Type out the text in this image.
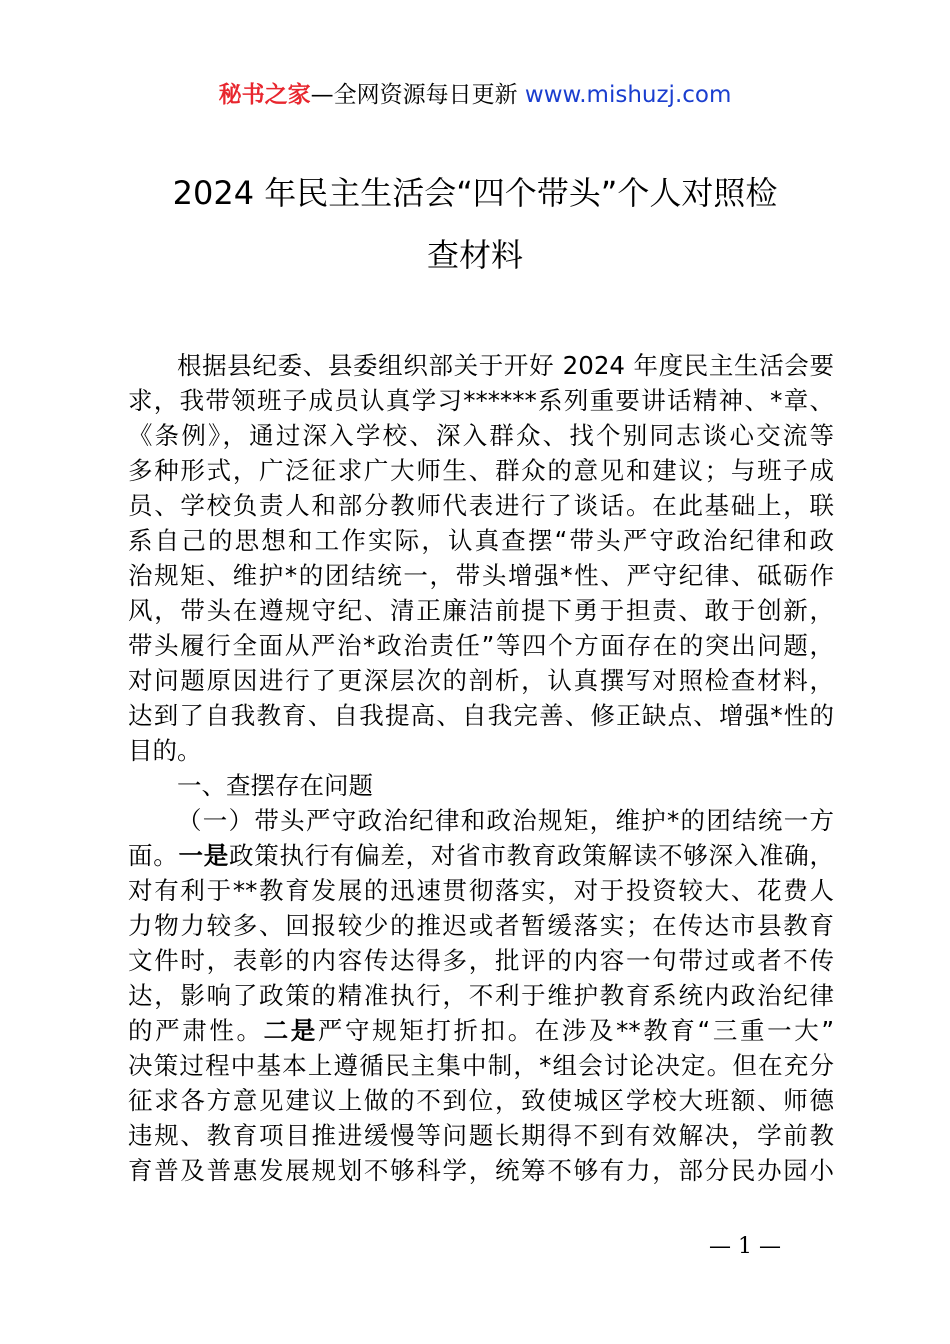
秘书之家—全网资源每日更新 www.mishuzj.com
2024 年民主生活会“四个带头”个人对照检
查材料
根据县纪委、县委组织部关于开好 2024 年度民主生活会要
求，我带领班子成员认真学习******系列重要讲话精神、*章、
《条例》，通过深入学校、深入群众、找个别同志谈心交流等
多种形式，广泛征求广大师生、群众的意见和建议；与班子成
员、学校负责人和部分教师代表进行了谈话。在此基础上，联
系自己的思想和工作实际，认真查摆“带头严守政治纪律和政
治规矩、维护*的团结统一，带头增强*性、严守纪律、砥砺作
风，带头在遵规守纪、清正廉洁前提下勇于担责、敢于创新，
带头履行全面从严治*政治责任”等四个方面存在的突出问题，
对问题原因进行了更深层次的剖析，认真撰写对照检查材料，
达到了自我教育、自我提高、自我完善、修正缺点、增强*性的
目的。
一、查摆存在问题
（一）带头严守政治纪律和政治规矩，维护*的团结统一方
面。一是政策执行有偏差，对省市教育政策解读不够深入准确，
对有利于**教育发展的迅速贯彻落实，对于投资较大、花费人
力物力较多、回报较少的推迟或者暂缓落实；在传达市县教育
文件时，表彰的内容传达得多，批评的内容一句带过或者不传
达，影响了政策的精准执行，不利于维护教育系统内政治纪律
的严肃性。二是严守规矩打折扣。在涉及**教育“三重一大”
决策过程中基本上遵循民主集中制，*组会讨论决定。但在充分
征求各方意见建议上做的不到位，致使城区学校大班额、师德
违规、教育项目推进缓慢等问题长期得不到有效解决，学前教
育普及普惠发展规划不够科学，统筹不够有力，部分民办园小
— 1 —
